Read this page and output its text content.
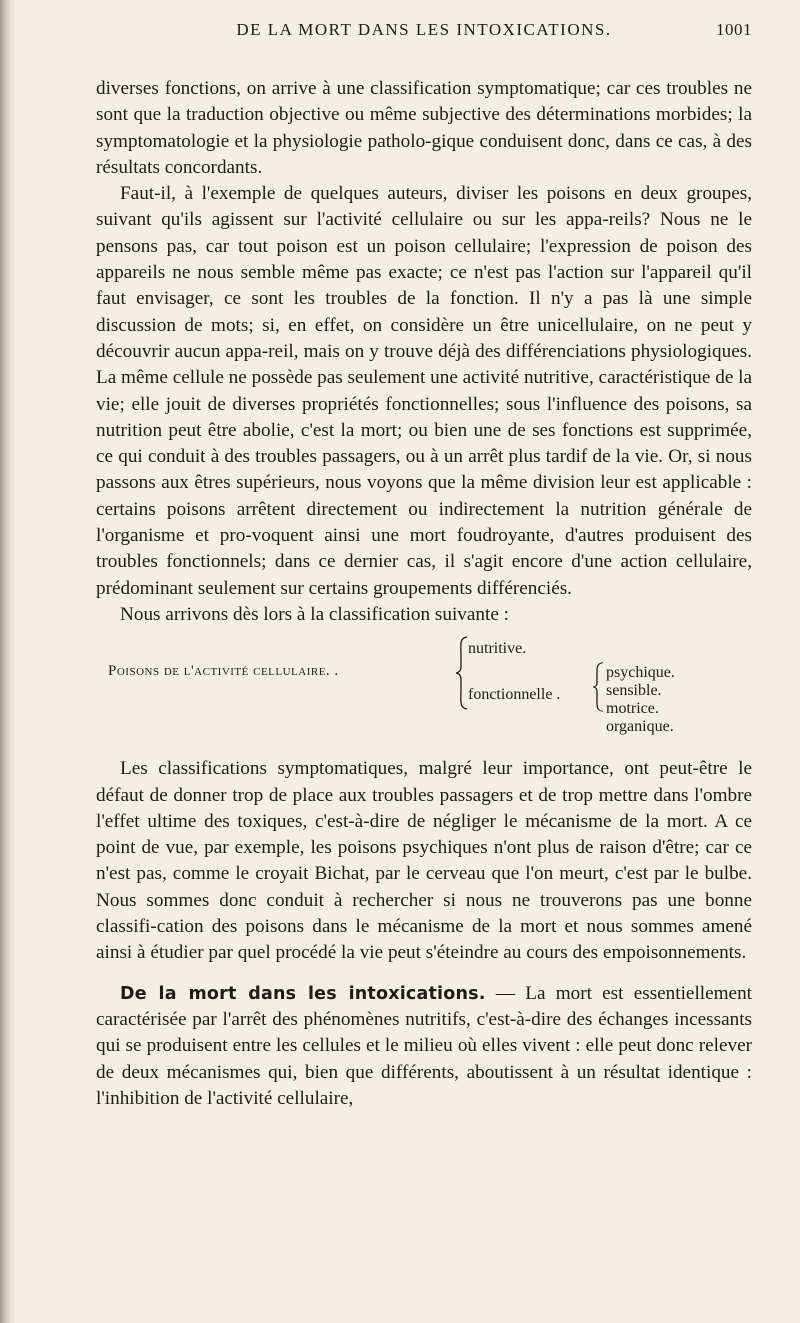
DE LA MORT DANS LES INTOXICATIONS.	1001

diverses fonctions, on arrive à une classification symptomatique; car ces troubles ne sont que la traduction objective ou même subjective des déterminations morbides; la symptomatologie et la physiologie patholo-gique conduisent donc, dans ce cas, à des résultats concordants.

Faut-il, à l'exemple de quelques auteurs, diviser les poisons en deux groupes, suivant qu'ils agissent sur l'activité cellulaire ou sur les appa-reils? Nous ne le pensons pas, car tout poison est un poison cellulaire; l'expression de poison des appareils ne nous semble même pas exacte; ce n'est pas l'action sur l'appareil qu'il faut envisager, ce sont les troubles de la fonction. Il n'y a pas là une simple discussion de mots; si, en effet, on considère un être unicellulaire, on ne peut y découvrir aucun appa-reil, mais on y trouve déjà des différenciations physiologiques. La même cellule ne possède pas seulement une activité nutritive, caractéristique de la vie; elle jouit de diverses propriétés fonctionnelles; sous l'influence des poisons, sa nutrition peut être abolie, c'est la mort; ou bien une de ses fonctions est supprimée, ce qui conduit à des troubles passagers, ou à un arrêt plus tardif de la vie. Or, si nous passons aux êtres supérieurs, nous voyons que la même division leur est applicable : certains poisons arrêtent directement ou indirectement la nutrition générale de l'organisme et pro-voquent ainsi une mort foudroyante, d'autres produisent des troubles fonctionnels; dans ce dernier cas, il s'agit encore d'une action cellulaire, prédominant seulement sur certains groupements différenciés.

Nous arrivons dès lors à la classification suivante :

Poisons de l'activité cellulaire. .
nutritive.
fonctionnelle .
psychique.
sensible.
motrice.
organique.

Les classifications symptomatiques, malgré leur importance, ont peut-être le défaut de donner trop de place aux troubles passagers et de trop mettre dans l'ombre l'effet ultime des toxiques, c'est-à-dire de négliger le mécanisme de la mort. A ce point de vue, par exemple, les poisons psychiques n'ont plus de raison d'être; car ce n'est pas, comme le croyait Bichat, par le cerveau que l'on meurt, c'est par le bulbe. Nous sommes donc conduit à rechercher si nous ne trouverons pas une bonne classifi-cation des poisons dans le mécanisme de la mort et nous sommes amené ainsi à étudier par quel procédé la vie peut s'éteindre au cours des empoisonnements.

De la mort dans les intoxications. — La mort est essentiellement caractérisée par l'arrêt des phénomènes nutritifs, c'est-à-dire des échanges incessants qui se produisent entre les cellules et le milieu où elles vivent : elle peut donc relever de deux mécanismes qui, bien que différents, aboutissent à un résultat identique : l'inhibition de l'activité cellulaire,
